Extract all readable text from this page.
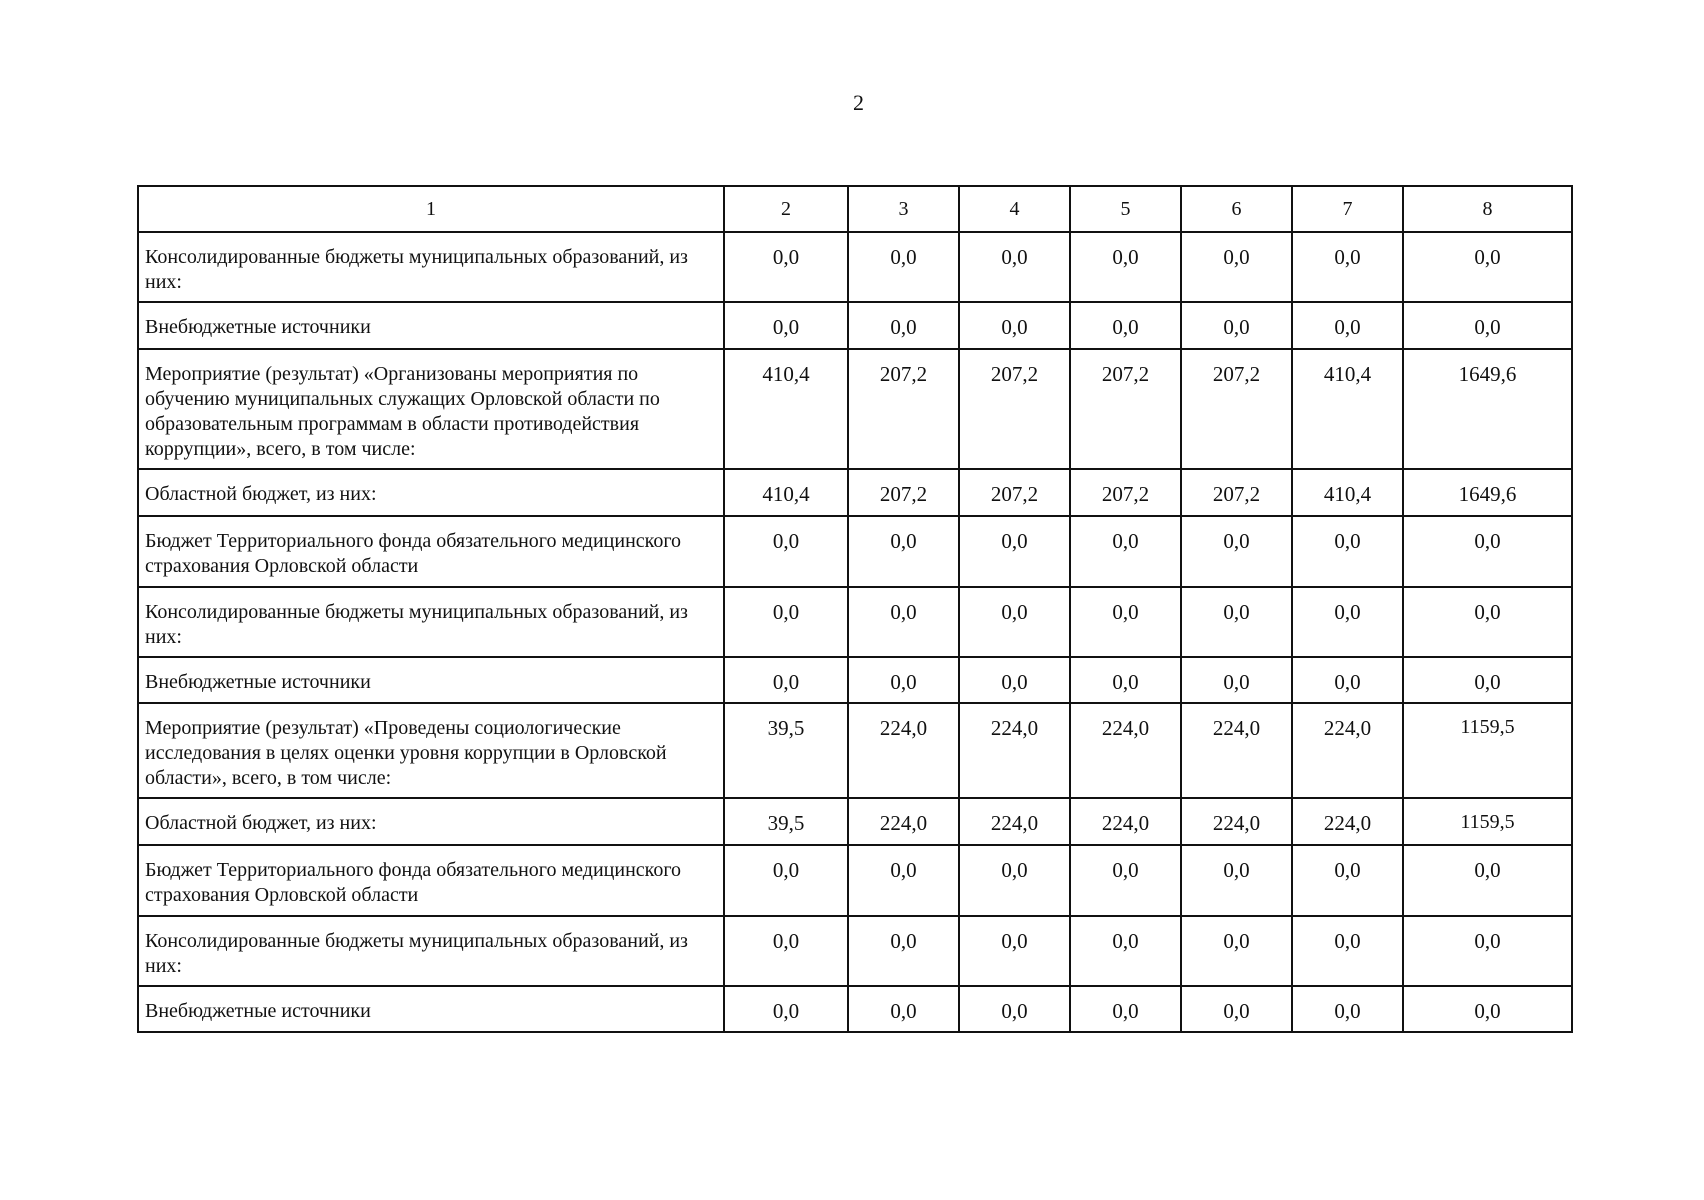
2
1	2	3	4	5	6	7	8
Консолидированные бюджеты муниципальных образований, из них:	0,0	0,0	0,0	0,0	0,0	0,0	0,0
Внебюджетные источники	0,0	0,0	0,0	0,0	0,0	0,0	0,0
Мероприятие (результат) «Организованы мероприятия по обучению муниципальных служащих Орловской области по образовательным программам в области противодействия коррупции», всего, в том числе:	410,4	207,2	207,2	207,2	207,2	410,4	1649,6
Областной бюджет, из них:	410,4	207,2	207,2	207,2	207,2	410,4	1649,6
Бюджет Территориального фонда обязательного медицинского страхования Орловской области	0,0	0,0	0,0	0,0	0,0	0,0	0,0
Консолидированные бюджеты муниципальных образований, из них:	0,0	0,0	0,0	0,0	0,0	0,0	0,0
Внебюджетные источники	0,0	0,0	0,0	0,0	0,0	0,0	0,0
Мероприятие (результат) «Проведены социологические исследования в целях оценки уровня коррупции в Орловской области», всего, в том числе:	39,5	224,0	224,0	224,0	224,0	224,0	1159,5
Областной бюджет, из них:	39,5	224,0	224,0	224,0	224,0	224,0	1159,5
Бюджет Территориального фонда обязательного медицинского страхования Орловской области	0,0	0,0	0,0	0,0	0,0	0,0	0,0
Консолидированные бюджеты муниципальных образований, из них:	0,0	0,0	0,0	0,0	0,0	0,0	0,0
Внебюджетные источники	0,0	0,0	0,0	0,0	0,0	0,0	0,0
